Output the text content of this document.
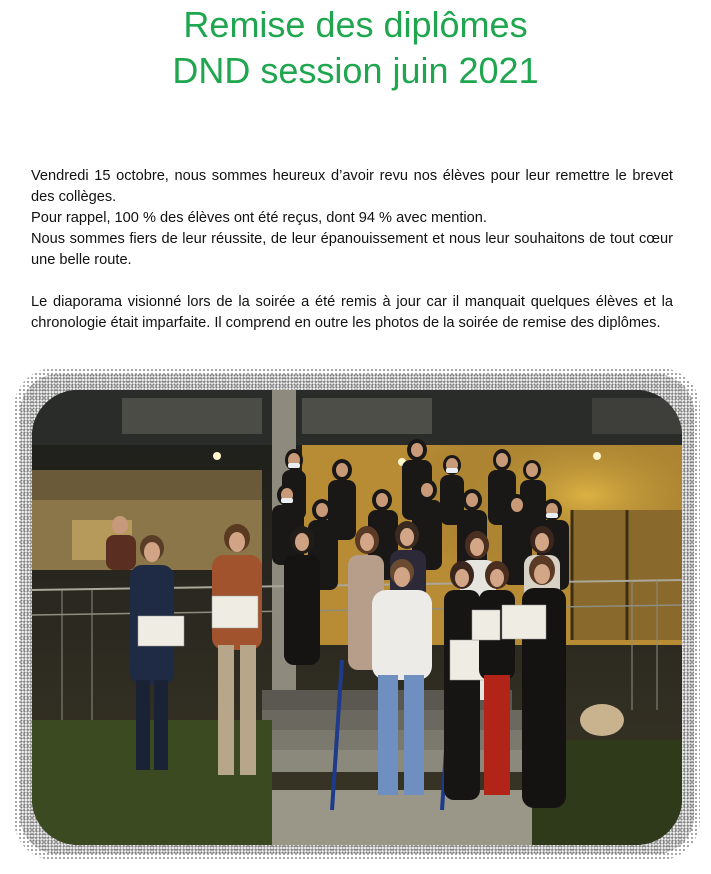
Remise des diplômes
DND session juin 2021

Vendredi 15 octobre, nous sommes heureux d’avoir revu nos élèves pour leur remettre le brevet des collèges.

Pour rappel, 100 % des élèves ont été reçus, dont 94 % avec mention.

Nous sommes fiers de leur réussite, de leur épanouissement et nous leur souhaitons de tout cœur une belle route.

Le diaporama visionné lors de la soirée a été remis à jour car il manquait quelques élèves et la chronologie était imparfaite. Il comprend en outre les photos de la soirée de remise des diplômes.
